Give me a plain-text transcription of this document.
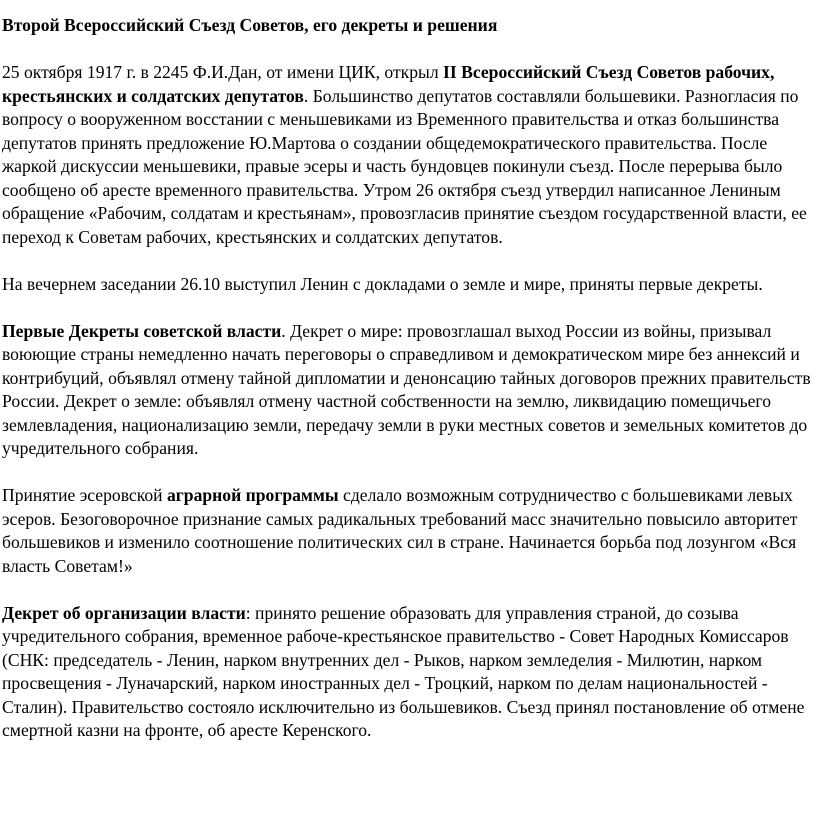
Второй Всероссийский Съезд Советов, его декреты и решения

25 октября 1917 г. в 2245 Ф.И.Дан, от имени ЦИК, открыл II Всероссийский Съезд Советов рабочих, крестьянских и солдатских депутатов. Большинство депутатов составляли большевики. Разногласия по вопросу о вооруженном восстании с меньшевиками из Временного правительства и отказ большинства депутатов принять предложение Ю.Мартова о создании общедемократического правительства. После жаркой дискуссии меньшевики, правые эсеры и часть бундовцев покинули съезд. После перерыва было сообщено об аресте временного правительства. Утром 26 октября съезд утвердил написанное Лениным обращение «Рабочим, солдатам и крестьянам», провозгласив принятие съездом государственной власти, ее переход к Советам рабочих, крестьянских и солдатских депутатов.

На вечернем заседании 26.10 выступил Ленин с докладами о земле и мире, приняты первые декреты.

Первые Декреты советской власти. Декрет о мире: провозглашал выход России из войны, призывал воюющие страны немедленно начать переговоры о справедливом и демократическом мире без аннексий и контрибуций, объявлял отмену тайной дипломатии и денонсацию тайных договоров прежних правительств России. Декрет о земле: объявлял отмену частной собственности на землю, ликвидацию помещичьего землевладения, национализацию земли, передачу земли в руки местных советов и земельных комитетов до учредительного собрания.

Принятие эсеровской аграрной программы сделало возможным сотрудничество с большевиками левых эсеров. Безоговорочное признание самых радикальных требований масс значительно повысило авторитет большевиков и изменило соотношение политических сил в стране. Начинается борьба под лозунгом «Вся власть Советам!»

Декрет об организации власти: принято решение образовать для управления страной, до созыва учредительного собрания, временное рабоче-крестьянское правительство - Совет Народных Комиссаров (СНК: председатель - Ленин, нарком внутренних дел - Рыков, нарком земледелия - Милютин, нарком просвещения - Луначарский, нарком иностранных дел - Троцкий, нарком по делам национальностей - Сталин). Правительство состояло исключительно из большевиков. Съезд принял постановление об отмене смертной казни на фронте, об аресте Керенского.
